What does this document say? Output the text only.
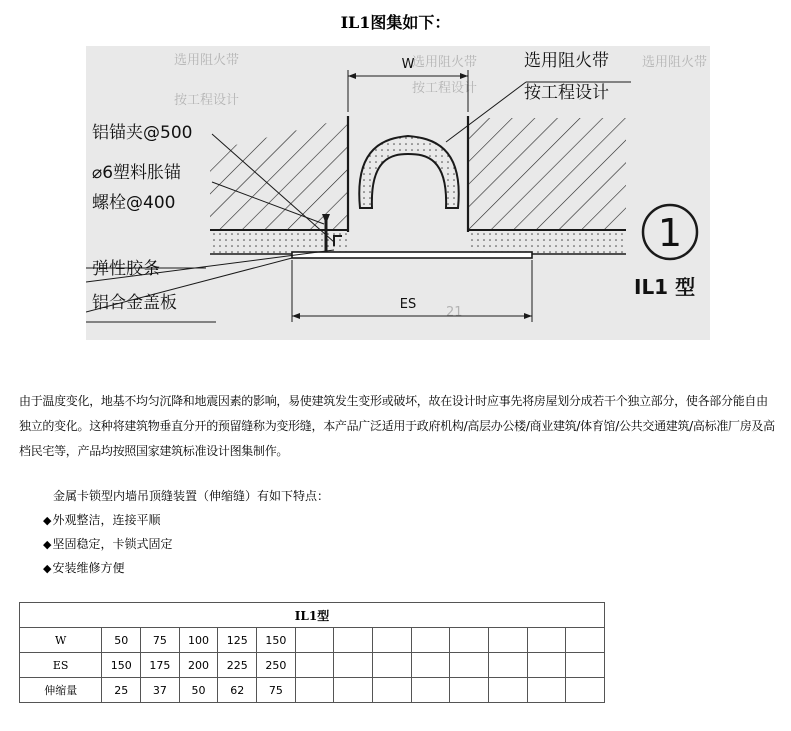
IL1图集如下：
选用阻火带
按工程设计
选用阻火带
按工程设计
选用阻火带
21
W
ES
选用阻火带
按工程设计
铝锚夹@500
⌀6塑料胀锚
螺栓@400
弹性胶条
铝合金盖板
1
IL1 型
由于温度变化，地基不均匀沉降和地震因素的影响，易使建筑发生变形或破坏，故在设计时应事先将房屋划分成若干个独立部分，使各部分能自由独立的变化。这种将建筑物垂直分开的预留缝称为变形缝，本产品广泛适用于政府机构/高层办公楼/商业建筑/体育馆/公共交通建筑/高标准厂房及高档民宅等，产品均按照国家建筑标准设计图集制作。
金属卡锁型内墙吊顶缝装置（伸缩缝）有如下特点：
◆外观整洁，连接平顺
◆坚固稳定，卡锁式固定
◆安装维修方便
IL1型													
W	50	75	100	125	150								
ES	150	175	200	225	250								
伸缩量	25	37	50	62	75								
